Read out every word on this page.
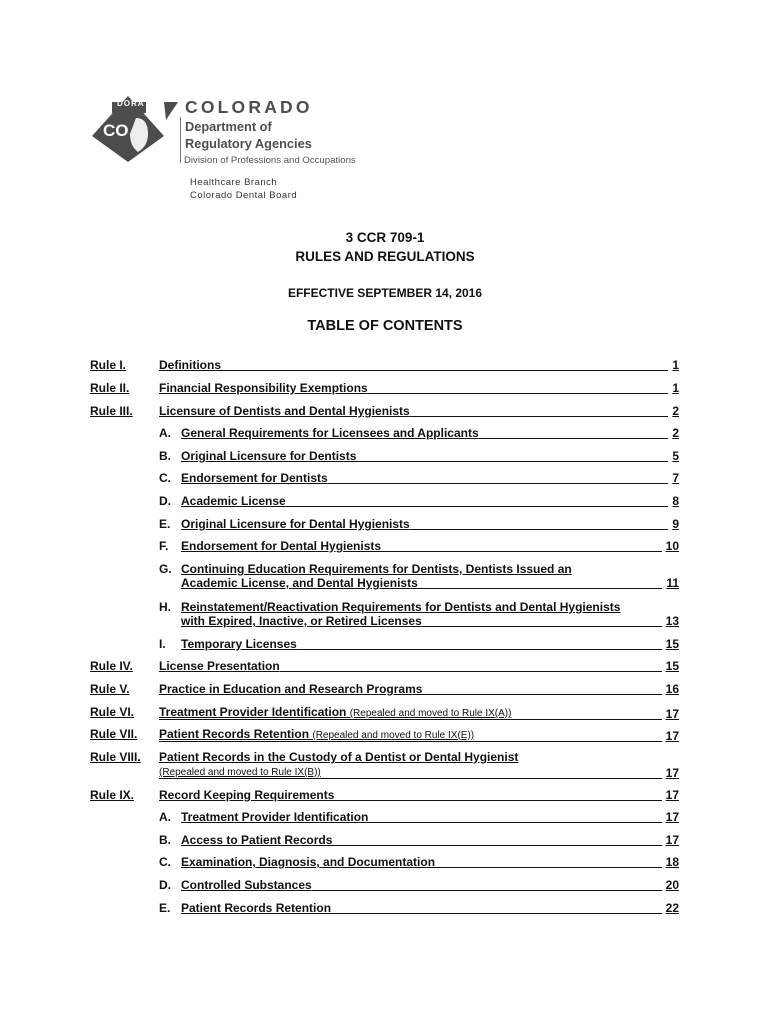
DORA
CO
COLORADO
Department of
Regulatory Agencies
Division of Professions and Occupations
Healthcare Branch
Colorado Dental Board
3 CCR 709-1
RULES AND REGULATIONS
EFFECTIVE SEPTEMBER 14, 2016
TABLE OF CONTENTS
Rule I.	Definitions	1
Rule II. Financial Responsibility Exemptions	1
Rule III. Licensure of Dentists and Dental Hygienists	2
A. General Requirements for Licensees and Applicants	2
B. Original Licensure for Dentists	5
C. Endorsement for Dentists	7
D. Academic License	8
E. Original Licensure for Dental Hygienists	9
F. Endorsement for Dental Hygienists	10
G. Continuing Education Requirements for Dentists, Dentists Issued an
Academic License, and Dental Hygienists	11
H. Reinstatement/Reactivation Requirements for Dentists and Dental Hygienists
with Expired, Inactive, or Retired Licenses	13
I. Temporary Licenses	15
Rule IV. License Presentation	15
Rule V. Practice in Education and Research Programs	16
Rule VI. Treatment Provider Identification (Repealed and moved to Rule IX(A))	17
Rule VII. Patient Records Retention (Repealed and moved to Rule IX(E))	17
Rule VIII. Patient Records in the Custody of a Dentist or Dental Hygienist
(Repealed and moved to Rule IX(B))	17
Rule IX. Record Keeping Requirements	17
A. Treatment Provider Identification	17
B. Access to Patient Records	17
C. Examination, Diagnosis, and Documentation	18
D. Controlled Substances	20
E. Patient Records Retention	22
